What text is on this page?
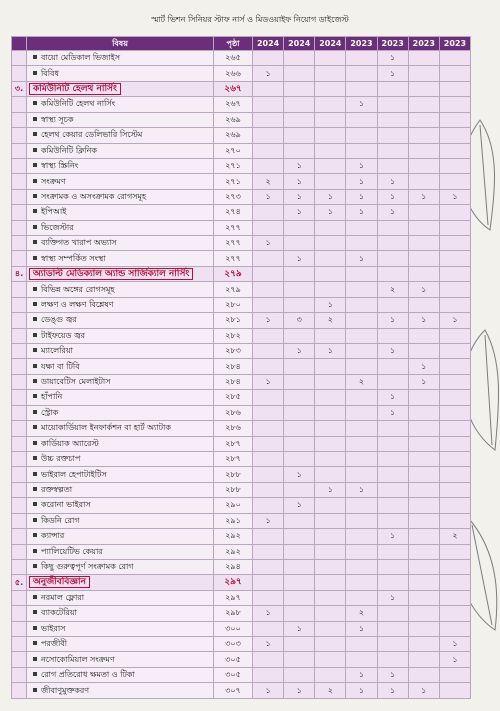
স্মার্ট ভিশন সিনিয়র স্টাফ নার্স ও মিডওয়াইফ নিয়োগ ডাইজেস্ট
	বিষয়	পৃষ্ঠা	2024	2024	2024	2023	2023	2023	2023
	বায়ো মেডিকাল ভিজাইস	২৬৫					১		
	বিবিধ	২৬৬	১				১		
৩.	কমিউনিটি হেলথ নার্সিং	২৬৭							
	কমিউনিটি হেলথ নার্সিং	২৬৭				১			
	স্বাস্থ্য সূচক	২৬৯							
	হেলথ কেয়ার ডেলিভারি সিস্টেম	২৬৯							
	কমিউনিটি ক্লিনিক	২৭০							
	স্বাস্থ্য স্ক্রিনিং	২৭১		১		১			
	সংক্রমণ	২৭১	২	১		১	১		
	সংক্রামক ও অসংক্রামক রোগসমূহ	২৭৩	১	১	১	১	১	১	১
	ইপিআই	২৭৪		১	১	১	১		
	ভিজেস্টার	২৭৭							
	ব্যক্তিগত খারাপ অভ্যাস	২৭৭	১						
	স্বাস্থ্য সম্পর্কিত সংস্থা	২৭৭		১		১			
৪.	অ্যাডাল্ট মেডিক্যাল অ্যান্ড সার্জিক্যাল নার্সিং	২৭৯							
	বিভিন্ন অঙ্গের রোগসমূহ	২৭৯					২	১	
	লক্ষণ ও লক্ষণ বিশ্লেষণ	২৮০			১				
	ডেঙ্গু জ্বর	২৮১	১	৩	২		১	১	১
	টাইফয়েড জ্বর	২৮২							
	ম্যালেরিয়া	২৮৩		১	১		১		
	যক্ষা বা টিবি	২৮৪						১	
	ডায়াবেটিস মেলাইটাস	২৮৪	১			২		১	
	হাঁপানি	২৮৫					১		
	স্ট্রোক	২৮৬					১		
	মায়োকার্ডিয়াল ইনফার্কশন বা হার্ট অ্যাটাক	২৮৬							
	কার্ডিয়াক অ্যারেস্ট	২৮৭							
	উচ্চ রক্তচাপ	২৮৭							
	ভাইরাল হেপাটাইটিস	২৮৮		১					
	রক্তস্বল্পতা	২৮৮			১	১			
	করোনা ভাইরাস	২৯০		১					
	কিডনি রোগ	২৯১	১						
	ক্যান্সার	২৯২					১		২
	প্যালিয়েটিভ কেয়ার	২৯২							
	কিছু গুরুত্বপূর্ণ সংক্রামক রোগ	২৯৪							
৫.	অনুজীববিজ্ঞান	২৯৭							
	নরমাল ফ্লোরা	২৯৭					১		
	ব্যাকটেরিয়া	২৯৮	১			২			
	ভাইরাস	৩০০		১		১			
	পরজীবী	৩০৩	১						১
	নসোকোমিয়াল সংক্রমণ	৩০৫							১
	রোগ প্রতিরোধ ক্ষমতা ও টিকা	৩০৫				১	১		
	জীবাণুমুক্তকরণ	৩০৭	১	১	২	১	১	১	
